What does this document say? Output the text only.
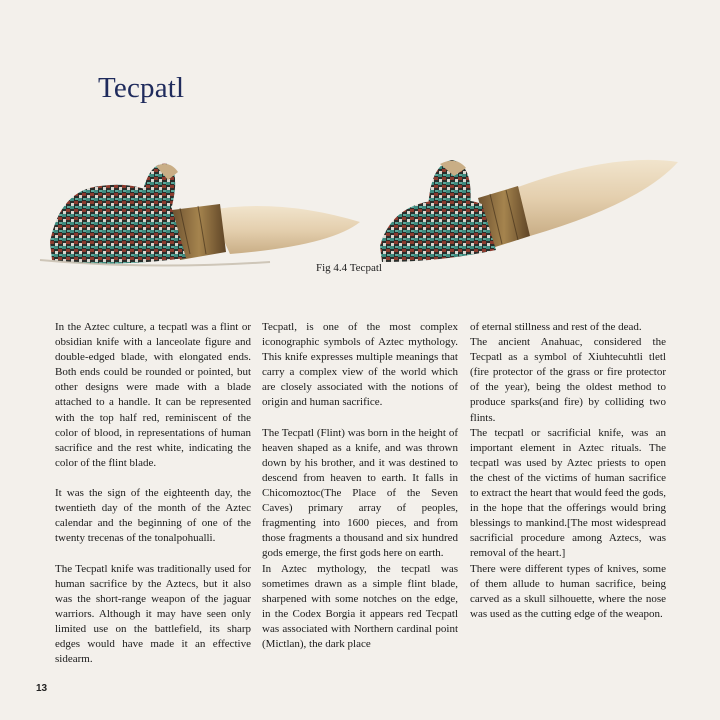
Tecpatl
Fig 4.4 Tecpatl

In the Aztec culture, a tecpatl was a flint or obsidian knife with a lanceolate figure and double-edged blade, with elongated ends. Both ends could be rounded or pointed, but other designs were made with a blade attached to a handle. It can be represented with the top half red, reminiscent of the color of blood, in representations of human sacrifice and the rest white, indicating the color of the flint blade.

It was the sign of the eighteenth day, the twentieth day of the month of the Aztec calendar and the beginning of one of the twenty trecenas of the tonalpohualli.

The Tecpatl knife was traditionally used for human sacrifice by the Aztecs, but it also was the short-range weapon of the jaguar warriors. Although it may have seen only limited use on the battlefield, its sharp edges would have made it an effective sidearm.

Tecpatl, is one of the most complex iconographic symbols of Aztec mythology. This knife expresses multiple meanings that carry a complex view of the world which are closely associated with the notions of origin and human sacrifice.

The Tecpatl (Flint) was born in the height of heaven shaped as a knife, and was thrown down by his brother, and it was destined to descend from heaven to earth. It falls in Chicomoztoc(The Place of the Seven Caves) primary array of peoples, fragmenting into 1600 pieces, and from those fragments a thousand and six hundred gods emerge, the first gods here on earth.

In Aztec mythology, the tecpatl was sometimes drawn as a simple flint blade, sharpened with some notches on the edge, in the Codex Borgia it appears red Tecpatl was associated with Northern cardinal point (Mictlan), the dark place

of eternal stillness and rest of the dead.

The ancient Anahuac, considered the Tecpatl as a symbol of Xiuhtecuhtli tletl (fire protector of the grass or fire protector of the year), being the oldest method to produce sparks(and fire) by colliding two flints.

The tecpatl or sacrificial knife, was an important element in Aztec rituals. The tecpatl was used by Aztec priests to open the chest of the victims of human sacrifice to extract the heart that would feed the gods, in the hope that the offerings would bring blessings to mankind.[The most widespread sacrificial procedure among Aztecs, was removal of the heart.]

There were different types of knives, some of them allude to human sacrifice, being carved as a skull silhouette, where the nose was used as the cutting edge of the weapon.

13
